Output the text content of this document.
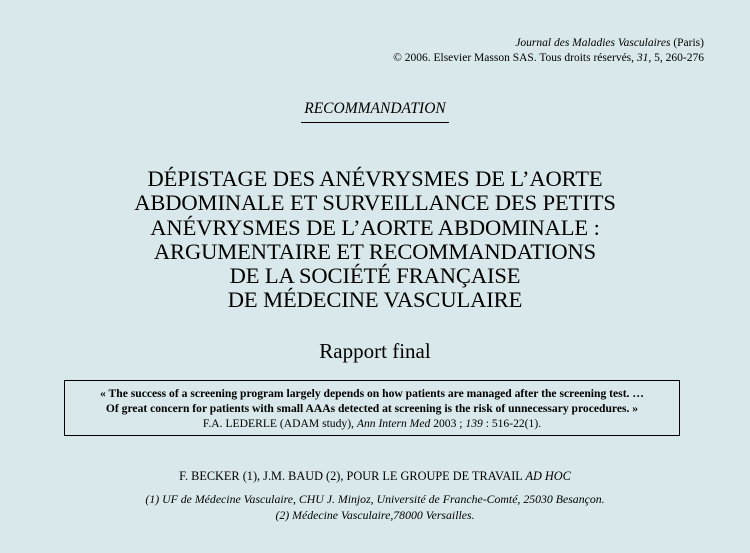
Journal des Maladies Vasculaires (Paris)
© 2006. Elsevier Masson SAS. Tous droits réservés, 31, 5, 260-276
RECOMMANDATION
DÉPISTAGE DES ANÉVRYSMES DE L’AORTE
ABDOMINALE ET SURVEILLANCE DES PETITS
ANÉVRYSMES DE L’AORTE ABDOMINALE :
ARGUMENTAIRE ET RECOMMANDATIONS
DE LA SOCIÉTÉ FRANÇAISE
DE MÉDECINE VASCULAIRE
Rapport final
« The success of a screening program largely depends on how patients are managed after the screening test. …
Of great concern for patients with small AAAs detected at screening is the risk of unnecessary procedures. »
F.A. LEDERLE (ADAM study), Ann Intern Med 2003 ; 139 : 516-22(1).
F. BECKER (1), J.M. BAUD (2), POUR LE GROUPE DE TRAVAIL AD HOC
(1) UF de Médecine Vasculaire, CHU J. Minjoz, Université de Franche-Comté, 25030 Besançon.
(2) Médecine Vasculaire,78000 Versailles.
